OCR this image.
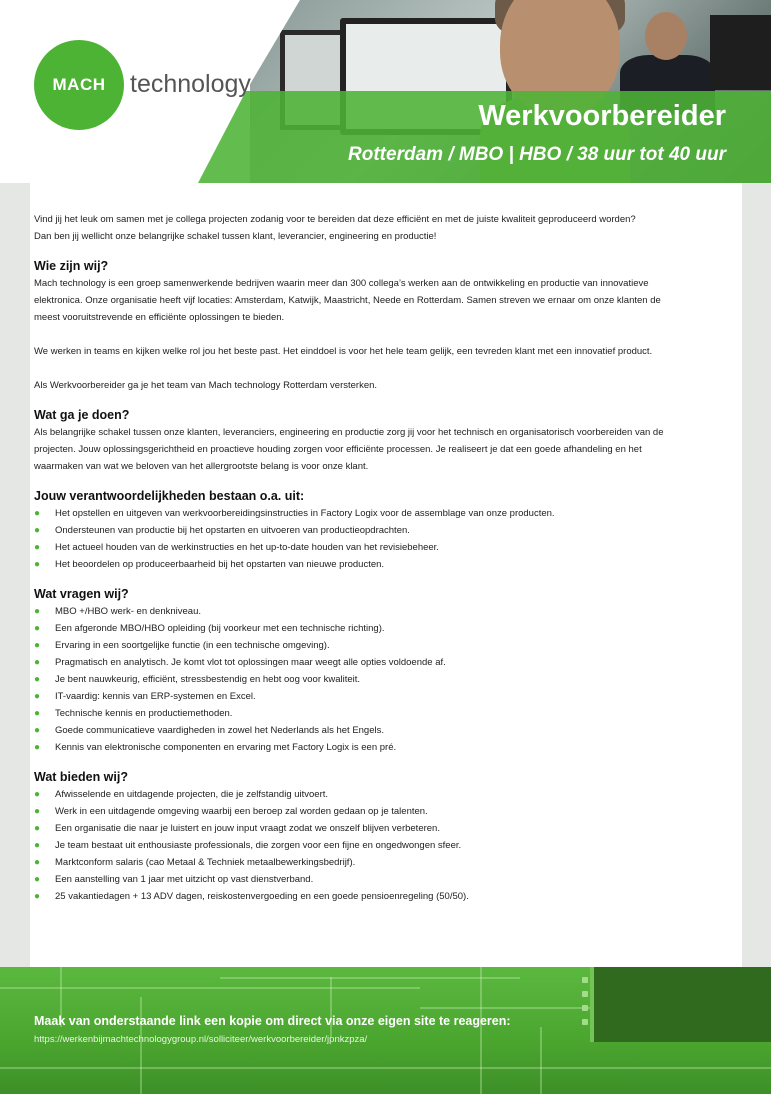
MACH technology
Werkvoorbereider
Rotterdam / MBO | HBO / 38 uur tot 40 uur

Vind jij het leuk om samen met je collega projecten zodanig voor te bereiden dat deze efficiënt en met de juiste kwaliteit geproduceerd worden?

Dan ben jij wellicht onze belangrijke schakel tussen klant, leverancier, engineering en productie!

Wie zijn wij?

Mach technology is een groep samenwerkende bedrijven waarin meer dan 300 collega’s werken aan de ontwikkeling en productie van innovatieve

elektronica. Onze organisatie heeft vijf locaties: Amsterdam, Katwijk, Maastricht, Neede en Rotterdam. Samen streven we ernaar om onze klanten de

meest vooruitstrevende en efficiënte oplossingen te bieden.

We werken in teams en kijken welke rol jou het beste past. Het einddoel is voor het hele team gelijk, een tevreden klant met een innovatief product.

Als Werkvoorbereider ga je het team van Mach technology Rotterdam versterken.

Wat ga je doen?

Als belangrijke schakel tussen onze klanten, leveranciers, engineering en productie zorg jij voor het technisch en organisatorisch voorbereiden van de

projecten. Jouw oplossingsgerichtheid en proactieve houding zorgen voor efficiënte processen. Je realiseert je dat een goede afhandeling en het

waarmaken van wat we beloven van het allergrootste belang is voor onze klant.

Jouw verantwoordelijkheden bestaan o.a. uit:
● Het opstellen en uitgeven van werkvoorbereidingsinstructies in Factory Logix voor de assemblage van onze producten.
● Ondersteunen van productie bij het opstarten en uitvoeren van productieopdrachten.
● Het actueel houden van de werkinstructies en het up-to-date houden van het revisiebeheer.
● Het beoordelen op produceerbaarheid bij het opstarten van nieuwe producten.
Wat vragen wij?
● MBO +/HBO werk- en denkniveau.
● Een afgeronde MBO/HBO opleiding (bij voorkeur met een technische richting).
● Ervaring in een soortgelijke functie (in een technische omgeving).
● Pragmatisch en analytisch. Je komt vlot tot oplossingen maar weegt alle opties voldoende af.
● Je bent nauwkeurig, efficiënt, stressbestendig en hebt oog voor kwaliteit.
● IT-vaardig: kennis van ERP-systemen en Excel.
● Technische kennis en productiemethoden.
● Goede communicatieve vaardigheden in zowel het Nederlands als het Engels.
● Kennis van elektronische componenten en ervaring met Factory Logix is een pré.
Wat bieden wij?
● Afwisselende en uitdagende projecten, die je zelfstandig uitvoert.
● Werk in een uitdagende omgeving waarbij een beroep zal worden gedaan op je talenten.
● Een organisatie die naar je luistert en jouw input vraagt zodat we onszelf blijven verbeteren.
● Je team bestaat uit enthousiaste professionals, die zorgen voor een fijne en ongedwongen sfeer.
● Marktconform salaris (cao Metaal & Techniek metaalbewerkingsbedrijf).
● Een aanstelling van 1 jaar met uitzicht op vast dienstverband.
● 25 vakantiedagen + 13 ADV dagen, reiskostenvergoeding en een goede pensioenregeling (50/50).
Maak van onderstaande link een kopie om direct via onze eigen site te reageren:
https://werkenbijmachtechnologygroup.nl/solliciteer/werkvoorbereider/jpnkzpza/
